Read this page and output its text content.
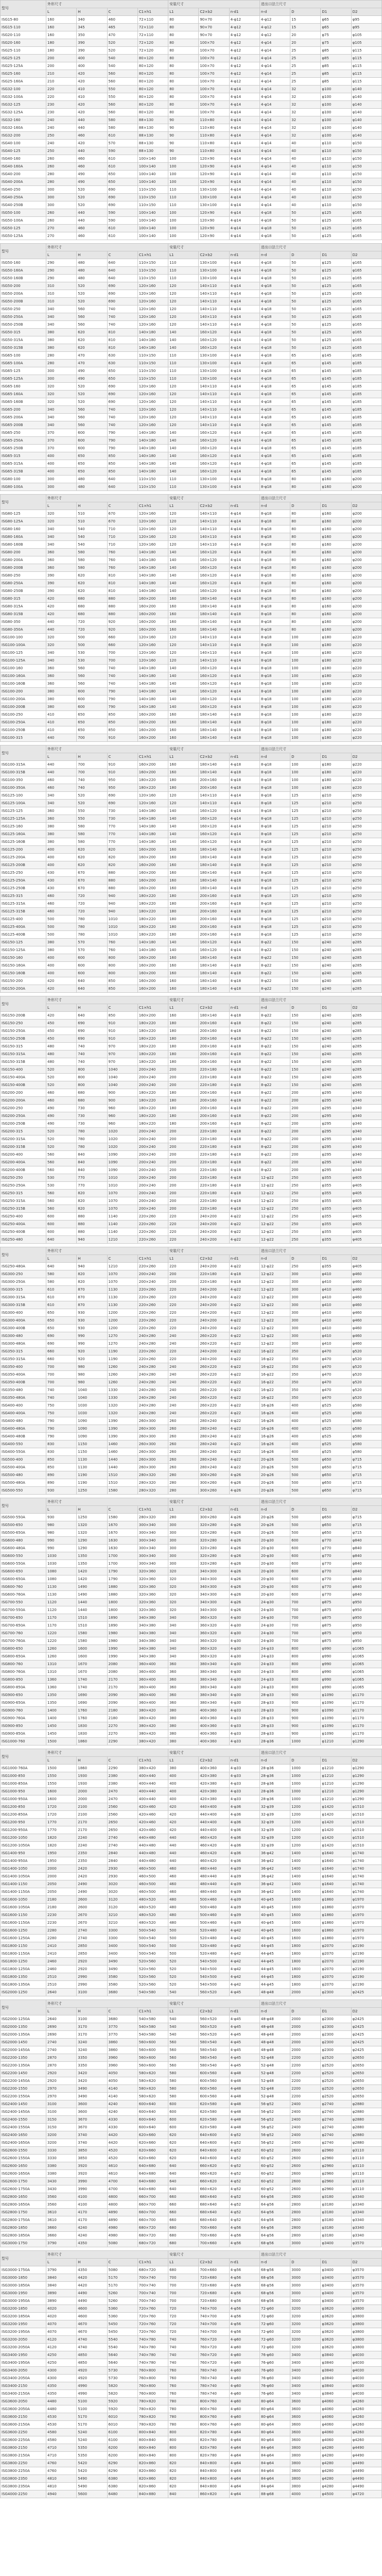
型号	外形尺寸				安装尺寸			进出口法兰尺寸			
	L	H	C	C1×h1	L1	C2×b2	n-d1	n-d	D	D1	D2
ISG15-80	160	340	460	72×110	80	90×70	4-φ12	4-φ12	15	φ65	φ95
ISG15-110	160	345	465	72×110	80	90×70	4-φ12	4-φ12	15	φ65	φ95
ISG20-110	160	350	470	72×110	80	90×70	4-φ12	4-φ12	20	φ75	φ105
ISG20-160	180	390	520	72×120	80	100×70	4-φ12	4-φ14	20	φ75	φ105
ISG25-110	180	390	520	72×120	80	100×70	4-φ12	4-φ14	25	φ85	φ115
ISG25-125	200	400	540	80×120	80	100×70	4-φ12	4-φ14	25	φ85	φ115
ISG25-125A	200	400	540	80×120	80	100×70	4-φ12	4-φ14	25	φ85	φ115
ISG25-160	210	420	560	80×120	80	100×70	4-φ12	4-φ14	25	φ85	φ115
ISG25-160A	210	420	560	80×120	80	100×70	4-φ12	4-φ14	25	φ85	φ115
ISG32-100	220	410	550	80×120	80	100×70	4-φ14	4-φ14	32	φ100	φ140
ISG32-100A	220	410	550	80×120	80	100×70	4-φ14	4-φ14	32	φ100	φ140
ISG32-125	230	420	560	80×120	80	100×70	4-φ14	4-φ14	32	φ100	φ140
ISG32-125A	230	420	560	80×120	80	100×70	4-φ14	4-φ14	32	φ100	φ140
ISG32-160	240	440	580	88×130	90	110×80	4-φ14	4-φ14	32	φ100	φ140
ISG32-160A	240	440	580	88×130	90	110×80	4-φ14	4-φ14	32	φ100	φ140
ISG32-200	250	460	610	88×130	90	110×80	4-φ14	4-φ14	32	φ100	φ140
ISG40-100	240	420	570	88×130	90	110×80	4-φ14	4-φ14	40	φ110	φ150
ISG40-125	250	440	590	88×130	90	110×80	4-φ14	4-φ14	40	φ110	φ150
ISG40-160	260	460	610	100×140	100	120×90	4-φ14	4-φ14	40	φ110	φ150
ISG40-160A	260	460	610	100×140	100	120×90	4-φ14	4-φ14	40	φ110	φ150
ISG40-200	280	490	650	100×140	100	120×90	4-φ14	4-φ14	40	φ110	φ150
ISG40-200A	280	490	650	100×140	100	120×90	4-φ14	4-φ14	40	φ110	φ150
ISG40-250	300	520	690	110×150	110	130×100	4-φ14	4-φ14	40	φ110	φ150
ISG40-250A	300	520	690	110×150	110	130×100	4-φ14	4-φ14	40	φ110	φ150
ISG40-250B	300	520	690	110×150	110	130×100	4-φ14	4-φ14	40	φ110	φ150
ISG50-100	260	440	590	100×140	100	120×90	4-φ14	4-φ18	50	φ125	φ165
ISG50-100A	260	440	590	100×140	100	120×90	4-φ14	4-φ18	50	φ125	φ165
ISG50-125	270	460	610	100×140	100	120×90	4-φ14	4-φ18	50	φ125	φ165
ISG50-125A	270	460	610	100×140	100	120×90	4-φ14	4-φ18	50	φ125	φ165
型号	外形尺寸				安装尺寸			进出口法兰尺寸			
	L	H	C	C1×h1	L1	C2×b2	n-d1	n-d	D	D1	D2
ISG50-160	290	480	640	110×150	110	130×100	4-φ14	4-φ18	50	φ125	φ165
ISG50-160A	290	480	640	110×150	110	130×100	4-φ14	4-φ18	50	φ125	φ165
ISG50-160B	290	480	640	110×150	110	130×100	4-φ14	4-φ18	50	φ125	φ165
ISG50-200	310	520	690	120×160	120	140×110	4-φ14	4-φ18	50	φ125	φ165
ISG50-200A	310	520	690	120×160	120	140×110	4-φ14	4-φ18	50	φ125	φ165
ISG50-200B	310	520	690	120×160	120	140×110	4-φ14	4-φ18	50	φ125	φ165
ISG50-250	340	560	740	120×160	120	140×110	4-φ14	4-φ18	50	φ125	φ165
ISG50-250A	340	560	740	120×160	120	140×110	4-φ14	4-φ18	50	φ125	φ165
ISG50-250B	340	560	740	120×160	120	140×110	4-φ14	4-φ18	50	φ125	φ165
ISG50-315	380	620	810	140×180	140	160×120	4-φ14	4-φ18	50	φ125	φ165
ISG50-315A	380	620	810	140×180	140	160×120	4-φ14	4-φ18	50	φ125	φ165
ISG50-315B	380	620	810	140×180	140	160×120	4-φ14	4-φ18	50	φ125	φ165
ISG65-100	280	470	630	110×150	110	130×100	4-φ14	4-φ18	65	φ145	φ185
ISG65-100A	280	470	630	110×150	110	130×100	4-φ14	4-φ18	65	φ145	φ185
ISG65-125	300	490	650	110×150	110	130×100	4-φ14	4-φ18	65	φ145	φ185
ISG65-125A	300	490	650	110×150	110	130×100	4-φ14	4-φ18	65	φ145	φ185
ISG65-160	320	520	690	120×160	120	140×110	4-φ14	4-φ18	65	φ145	φ185
ISG65-160A	320	520	690	120×160	120	140×110	4-φ14	4-φ18	65	φ145	φ185
ISG65-160B	320	520	690	120×160	120	140×110	4-φ14	4-φ18	65	φ145	φ185
ISG65-200	340	560	740	120×160	120	140×110	4-φ14	4-φ18	65	φ145	φ185
ISG65-200A	340	560	740	120×160	120	140×110	4-φ14	4-φ18	65	φ145	φ185
ISG65-200B	340	560	740	120×160	120	140×110	4-φ14	4-φ18	65	φ145	φ185
ISG65-250	370	600	790	140×180	140	160×120	4-φ14	4-φ18	65	φ145	φ185
ISG65-250A	370	600	790	140×180	140	160×120	4-φ14	4-φ18	65	φ145	φ185
ISG65-250B	370	600	790	140×180	140	160×120	4-φ14	4-φ18	65	φ145	φ185
ISG65-315	400	650	850	140×180	140	160×120	4-φ14	4-φ18	65	φ145	φ185
ISG65-315A	400	650	850	140×180	140	160×120	4-φ14	4-φ18	65	φ145	φ185
ISG65-315B	400	650	850	140×180	140	160×120	4-φ14	4-φ18	65	φ145	φ185
ISG80-100	300	480	640	110×150	110	130×100	4-φ14	8-φ18	80	φ160	φ200
ISG80-100A	300	480	640	110×150	110	130×100	4-φ14	8-φ18	80	φ160	φ200
型号	外形尺寸				安装尺寸			进出口法兰尺寸			
	L	H	C	C1×h1	L1	C2×b2	n-d1	n-d	D	D1	D2
ISG80-125	320	510	670	120×160	120	140×110	4-φ14	8-φ18	80	φ160	φ200
ISG80-125A	320	510	670	120×160	120	140×110	4-φ14	8-φ18	80	φ160	φ200
ISG80-160	340	540	710	120×160	120	140×110	4-φ14	8-φ18	80	φ160	φ200
ISG80-160A	340	540	710	120×160	120	140×110	4-φ14	8-φ18	80	φ160	φ200
ISG80-160B	340	540	710	120×160	120	140×110	4-φ14	8-φ18	80	φ160	φ200
ISG80-200	360	580	760	140×180	140	160×120	4-φ14	8-φ18	80	φ160	φ200
ISG80-200A	360	580	760	140×180	140	160×120	4-φ14	8-φ18	80	φ160	φ200
ISG80-200B	360	580	760	140×180	140	160×120	4-φ14	8-φ18	80	φ160	φ200
ISG80-250	390	620	810	140×180	140	160×120	4-φ14	8-φ18	80	φ160	φ200
ISG80-250A	390	620	810	140×180	140	160×120	4-φ14	8-φ18	80	φ160	φ200
ISG80-250B	390	620	810	140×180	140	160×120	4-φ14	8-φ18	80	φ160	φ200
ISG80-315	420	680	880	160×200	160	180×140	4-φ18	8-φ18	80	φ160	φ200
ISG80-315A	420	680	880	160×200	160	180×140	4-φ18	8-φ18	80	φ160	φ200
ISG80-315B	420	680	880	160×200	160	180×140	4-φ18	8-φ18	80	φ160	φ200
ISG80-350	440	720	920	160×200	160	180×140	4-φ18	8-φ18	80	φ160	φ200
ISG80-350A	440	720	920	160×200	160	180×140	4-φ18	8-φ18	80	φ160	φ200
ISG100-100	320	500	660	120×160	120	140×110	4-φ14	8-φ18	100	φ180	φ220
ISG100-100A	320	500	660	120×160	120	140×110	4-φ14	8-φ18	100	φ180	φ220
ISG100-125	340	530	700	120×160	120	140×110	4-φ14	8-φ18	100	φ180	φ220
ISG100-125A	340	530	700	120×160	120	140×110	4-φ14	8-φ18	100	φ180	φ220
ISG100-160	360	560	740	140×180	140	160×120	4-φ14	8-φ18	100	φ180	φ220
ISG100-160A	360	560	740	140×180	140	160×120	4-φ14	8-φ18	100	φ180	φ220
ISG100-160B	360	560	740	140×180	140	160×120	4-φ14	8-φ18	100	φ180	φ220
ISG100-200	380	600	790	140×180	140	160×120	4-φ14	8-φ18	100	φ180	φ220
ISG100-200A	380	600	790	140×180	140	160×120	4-φ14	8-φ18	100	φ180	φ220
ISG100-200B	380	600	790	140×180	140	160×120	4-φ14	8-φ18	100	φ180	φ220
ISG100-250	410	650	850	160×200	160	180×140	4-φ18	8-φ18	100	φ180	φ220
ISG100-250A	410	650	850	160×200	160	180×140	4-φ18	8-φ18	100	φ180	φ220
ISG100-250B	410	650	850	160×200	160	180×140	4-φ18	8-φ18	100	φ180	φ220
ISG100-315	440	700	910	160×200	160	180×140	4-φ18	8-φ18	100	φ180	φ220
型号	外形尺寸				安装尺寸			进出口法兰尺寸			
	L	H	C	C1×h1	L1	C2×b2	n-d1	n-d	D	D1	D2
ISG100-315A	440	700	910	160×200	160	180×140	4-φ18	8-φ18	100	φ180	φ220
ISG100-315B	440	700	910	160×200	160	180×140	4-φ18	8-φ18	100	φ180	φ220
ISG100-350	460	740	950	180×220	180	200×160	4-φ18	8-φ18	100	φ180	φ220
ISG100-350A	460	740	950	180×220	180	200×160	4-φ18	8-φ18	100	φ180	φ220
ISG125-100	340	520	690	120×160	120	140×110	4-φ14	8-φ18	125	φ210	φ250
ISG125-100A	340	520	690	120×160	120	140×110	4-φ14	8-φ18	125	φ210	φ250
ISG125-125	360	550	730	140×180	140	160×120	4-φ14	8-φ18	125	φ210	φ250
ISG125-125A	360	550	730	140×180	140	160×120	4-φ14	8-φ18	125	φ210	φ250
ISG125-160	380	580	770	140×180	140	160×120	4-φ14	8-φ18	125	φ210	φ250
ISG125-160A	380	580	770	140×180	140	160×120	4-φ14	8-φ18	125	φ210	φ250
ISG125-160B	380	580	770	140×180	140	160×120	4-φ14	8-φ18	125	φ210	φ250
ISG125-200	400	620	820	160×200	160	180×140	4-φ18	8-φ18	125	φ210	φ250
ISG125-200A	400	620	820	160×200	160	180×140	4-φ18	8-φ18	125	φ210	φ250
ISG125-200B	400	620	820	160×200	160	180×140	4-φ18	8-φ18	125	φ210	φ250
ISG125-250	430	670	880	160×200	160	180×140	4-φ18	8-φ18	125	φ210	φ250
ISG125-250A	430	670	880	160×200	160	180×140	4-φ18	8-φ18	125	φ210	φ250
ISG125-250B	430	670	880	160×200	160	180×140	4-φ18	8-φ18	125	φ210	φ250
ISG125-315	460	720	940	180×220	180	200×160	4-φ18	8-φ18	125	φ210	φ250
ISG125-315A	460	720	940	180×220	180	200×160	4-φ18	8-φ18	125	φ210	φ250
ISG125-315B	460	720	940	180×220	180	200×160	4-φ18	8-φ18	125	φ210	φ250
ISG125-400	500	780	1010	180×220	180	200×160	4-φ18	8-φ18	125	φ210	φ250
ISG125-400A	500	780	1010	180×220	180	200×160	4-φ18	8-φ18	125	φ210	φ250
ISG125-400B	500	780	1010	180×220	180	200×160	4-φ18	8-φ18	125	φ210	φ250
ISG150-125	380	570	760	140×180	140	160×120	4-φ14	8-φ22	150	φ240	φ285
ISG150-125A	380	570	760	140×180	140	160×120	4-φ14	8-φ22	150	φ240	φ285
ISG150-160	400	600	800	160×200	160	180×140	4-φ18	8-φ22	150	φ240	φ285
ISG150-160A	400	600	800	160×200	160	180×140	4-φ18	8-φ22	150	φ240	φ285
ISG150-160B	400	600	800	160×200	160	180×140	4-φ18	8-φ22	150	φ240	φ285
ISG150-200	420	640	850	160×200	160	180×140	4-φ18	8-φ22	150	φ240	φ285
ISG150-200A	420	640	850	160×200	160	180×140	4-φ18	8-φ22	150	φ240	φ285
型号	外形尺寸				安装尺寸			进出口法兰尺寸			
	L	H	C	C1×h1	L1	C2×b2	n-d1	n-d	D	D1	D2
ISG150-200B	420	640	850	160×200	160	180×140	4-φ18	8-φ22	150	φ240	φ285
ISG150-250	450	690	910	180×220	180	200×160	4-φ18	8-φ22	150	φ240	φ285
ISG150-250A	450	690	910	180×220	180	200×160	4-φ18	8-φ22	150	φ240	φ285
ISG150-250B	450	690	910	180×220	180	200×160	4-φ18	8-φ22	150	φ240	φ285
ISG150-315	480	740	970	180×220	180	200×160	4-φ18	8-φ22	150	φ240	φ285
ISG150-315A	480	740	970	180×220	180	200×160	4-φ18	8-φ22	150	φ240	φ285
ISG150-315B	480	740	970	180×220	180	200×160	4-φ18	8-φ22	150	φ240	φ285
ISG150-400	520	800	1040	200×240	200	220×180	4-φ18	8-φ22	150	φ240	φ285
ISG150-400A	520	800	1040	200×240	200	220×180	4-φ18	8-φ22	150	φ240	φ285
ISG150-400B	520	800	1040	200×240	200	220×180	4-φ18	8-φ22	150	φ240	φ285
ISG200-200	460	680	900	180×220	180	200×160	4-φ18	8-φ22	200	φ295	φ340
ISG200-200A	460	680	900	180×220	180	200×160	4-φ18	8-φ22	200	φ295	φ340
ISG200-250	490	730	960	180×220	180	200×160	4-φ18	8-φ22	200	φ295	φ340
ISG200-250A	490	730	960	180×220	180	200×160	4-φ18	8-φ22	200	φ295	φ340
ISG200-250B	490	730	960	180×220	180	200×160	4-φ18	8-φ22	200	φ295	φ340
ISG200-315	520	780	1020	200×240	200	220×180	4-φ18	8-φ22	200	φ295	φ340
ISG200-315A	520	780	1020	200×240	200	220×180	4-φ18	8-φ22	200	φ295	φ340
ISG200-315B	520	780	1020	200×240	200	220×180	4-φ18	8-φ22	200	φ295	φ340
ISG200-400	560	840	1090	200×240	200	220×180	4-φ18	8-φ22	200	φ295	φ340
ISG200-400A	560	840	1090	200×240	200	220×180	4-φ18	8-φ22	200	φ295	φ340
ISG200-400B	560	840	1090	200×240	200	220×180	4-φ18	8-φ22	200	φ295	φ340
ISG250-250	530	770	1010	200×240	200	220×180	4-φ18	12-φ22	250	φ355	φ405
ISG250-250A	530	770	1010	200×240	200	220×180	4-φ18	12-φ22	250	φ355	φ405
ISG250-315	560	820	1070	200×240	200	220×180	4-φ18	12-φ22	250	φ355	φ405
ISG250-315A	560	820	1070	200×240	200	220×180	4-φ18	12-φ22	250	φ355	φ405
ISG250-315B	560	820	1070	200×240	200	220×180	4-φ18	12-φ22	250	φ355	φ405
ISG250-400	600	880	1140	220×260	220	240×200	4-φ22	12-φ22	250	φ355	φ405
ISG250-400A	600	880	1140	220×260	220	240×200	4-φ22	12-φ22	250	φ355	φ405
ISG250-400B	600	880	1140	220×260	220	240×200	4-φ22	12-φ22	250	φ355	φ405
ISG250-480	640	940	1210	220×260	220	240×200	4-φ22	12-φ22	250	φ355	φ405
型号	外形尺寸				安装尺寸			进出口法兰尺寸			
	L	H	C	C1×h1	L1	C2×b2	n-d1	n-d	D	D1	D2
ISG250-480A	640	940	1210	220×260	220	240×200	4-φ22	12-φ22	250	φ355	φ405
ISG300-250	580	820	1070	200×240	200	220×180	4-φ18	12-φ22	300	φ410	φ460
ISG300-250A	580	820	1070	200×240	200	220×180	4-φ18	12-φ22	300	φ410	φ460
ISG300-315	610	870	1130	220×260	220	240×200	4-φ22	12-φ22	300	φ410	φ460
ISG300-315A	610	870	1130	220×260	220	240×200	4-φ22	12-φ22	300	φ410	φ460
ISG300-315B	610	870	1130	220×260	220	240×200	4-φ22	12-φ22	300	φ410	φ460
ISG300-400	650	930	1200	220×260	220	240×200	4-φ22	12-φ22	300	φ410	φ460
ISG300-400A	650	930	1200	220×260	220	240×200	4-φ22	12-φ22	300	φ410	φ460
ISG300-400B	650	930	1200	220×260	220	240×200	4-φ22	12-φ22	300	φ410	φ460
ISG300-480	690	990	1270	240×280	240	260×220	4-φ22	12-φ22	300	φ410	φ460
ISG300-480A	690	990	1270	240×280	240	260×220	4-φ22	12-φ22	300	φ410	φ460
ISG350-315	660	920	1190	220×260	220	240×200	4-φ22	16-φ22	350	φ470	φ520
ISG350-315A	660	920	1190	220×260	220	240×200	4-φ22	16-φ22	350	φ470	φ520
ISG350-400	700	980	1260	240×280	240	260×220	4-φ22	16-φ22	350	φ470	φ520
ISG350-400A	700	980	1260	240×280	240	260×220	4-φ22	16-φ22	350	φ470	φ520
ISG350-400B	700	980	1260	240×280	240	260×220	4-φ22	16-φ22	350	φ470	φ520
ISG350-480	740	1040	1330	240×280	240	260×220	4-φ22	16-φ22	350	φ470	φ520
ISG350-480A	740	1040	1330	240×280	240	260×220	4-φ22	16-φ22	350	φ470	φ520
ISG400-400	750	1030	1320	240×280	240	260×220	4-φ22	16-φ26	400	φ525	φ580
ISG400-400A	750	1030	1320	240×280	240	260×220	4-φ22	16-φ26	400	φ525	φ580
ISG400-480	790	1090	1390	260×300	260	280×240	4-φ22	16-φ26	400	φ525	φ580
ISG400-480A	790	1090	1390	260×300	260	280×240	4-φ22	16-φ26	400	φ525	φ580
ISG400-480B	790	1090	1390	260×300	260	280×240	4-φ22	16-φ26	400	φ525	φ580
ISG400-550	830	1150	1460	260×300	260	280×240	4-φ22	16-φ26	400	φ525	φ580
ISG400-550A	830	1150	1460	260×300	260	280×240	4-φ22	16-φ26	400	φ525	φ580
ISG500-400	850	1130	1440	260×300	260	280×240	4-φ22	20-φ26	500	φ650	φ715
ISG500-400A	850	1130	1440	260×300	260	280×240	4-φ22	20-φ26	500	φ650	φ715
ISG500-480	890	1190	1510	280×320	280	300×260	4-φ26	20-φ26	500	φ650	φ715
ISG500-480A	890	1190	1510	280×320	280	300×260	4-φ26	20-φ26	500	φ650	φ715
ISG500-550	930	1250	1580	280×320	280	300×260	4-φ26	20-φ26	500	φ650	φ715
型号	外形尺寸				安装尺寸			进出口法兰尺寸			
	L	H	C	C1×h1	L1	C2×b2	n-d1	n-d	D	D1	D2
ISG500-550A	930	1250	1580	280×320	280	300×260	4-φ26	20-φ26	500	φ650	φ715
ISG500-650	980	1320	1670	300×340	300	320×280	4-φ26	20-φ26	500	φ650	φ715
ISG500-650A	980	1320	1670	300×340	300	320×280	4-φ26	20-φ26	500	φ650	φ715
ISG600-480	990	1290	1630	300×340	300	320×280	4-φ26	20-φ30	600	φ770	φ840
ISG600-480A	990	1290	1630	300×340	300	320×280	4-φ26	20-φ30	600	φ770	φ840
ISG600-550	1030	1350	1700	300×340	300	320×280	4-φ26	20-φ30	600	φ770	φ840
ISG600-550A	1030	1350	1700	300×340	300	320×280	4-φ26	20-φ30	600	φ770	φ840
ISG600-650	1080	1420	1790	320×360	320	340×300	4-φ26	20-φ30	600	φ770	φ840
ISG600-650A	1080	1420	1790	320×360	320	340×300	4-φ26	20-φ30	600	φ770	φ840
ISG600-760	1130	1490	1880	320×360	320	340×300	4-φ26	20-φ30	600	φ770	φ840
ISG600-760A	1130	1490	1880	320×360	320	340×300	4-φ26	20-φ30	600	φ770	φ840
ISG700-550	1120	1440	1800	320×360	320	340×300	4-φ26	24-φ30	700	φ875	φ950
ISG700-550A	1120	1440	1800	320×360	320	340×300	4-φ26	24-φ30	700	φ875	φ950
ISG700-650	1170	1510	1890	340×380	340	360×320	4-φ30	24-φ30	700	φ875	φ950
ISG700-650A	1170	1510	1890	340×380	340	360×320	4-φ30	24-φ30	700	φ875	φ950
ISG700-760	1220	1580	1980	340×380	340	360×320	4-φ30	24-φ30	700	φ875	φ950
ISG700-760A	1220	1580	1980	340×380	340	360×320	4-φ30	24-φ30	700	φ875	φ950
ISG800-650	1260	1600	1990	340×380	340	360×320	4-φ30	24-φ33	800	φ990	φ1065
ISG800-650A	1260	1600	1990	340×380	340	360×320	4-φ30	24-φ33	800	φ990	φ1065
ISG800-760	1310	1670	2080	360×400	360	380×340	4-φ30	24-φ33	800	φ990	φ1065
ISG800-760A	1310	1670	2080	360×400	360	380×340	4-φ30	24-φ33	800	φ990	φ1065
ISG800-850	1360	1740	2170	360×400	360	380×340	4-φ30	24-φ33	800	φ990	φ1065
ISG800-850A	1360	1740	2170	360×400	360	380×340	4-φ30	24-φ33	800	φ990	φ1065
ISG900-650	1350	1690	2090	360×400	360	380×340	4-φ30	28-φ33	900	φ1090	φ1170
ISG900-650A	1350	1690	2090	360×400	360	380×340	4-φ30	28-φ33	900	φ1090	φ1170
ISG900-760	1400	1760	2180	380×420	380	400×360	4-φ33	28-φ33	900	φ1090	φ1170
ISG900-760A	1400	1760	2180	380×420	380	400×360	4-φ33	28-φ33	900	φ1090	φ1170
ISG900-850	1450	1830	2270	380×420	380	400×360	4-φ33	28-φ33	900	φ1090	φ1170
ISG900-850A	1450	1830	2270	380×420	380	400×360	4-φ33	28-φ33	900	φ1090	φ1170
ISG1000-760	1500	1860	2290	380×420	380	400×360	4-φ33	28-φ36	1000	φ1210	φ1290
型号	外形尺寸				安装尺寸			进出口法兰尺寸			
	L	H	C	C1×h1	L1	C2×b2	n-d1	n-d	D	D1	D2
ISG1000-760A	1500	1860	2290	380×420	380	400×360	4-φ33	28-φ36	1000	φ1210	φ1290
ISG1000-850	1550	1930	2380	400×440	400	420×380	4-φ33	28-φ36	1000	φ1210	φ1290
ISG1000-850A	1550	1930	2380	400×440	400	420×380	4-φ33	28-φ36	1000	φ1210	φ1290
ISG1000-950	1600	2000	2470	400×440	400	420×380	4-φ33	28-φ36	1000	φ1210	φ1290
ISG1000-950A	1600	2000	2470	400×440	400	420×380	4-φ33	28-φ36	1000	φ1210	φ1290
ISG1200-850	1720	2100	2560	420×460	420	440×400	4-φ36	32-φ39	1200	φ1420	φ1510
ISG1200-850A	1720	2100	2560	420×460	420	440×400	4-φ36	32-φ39	1200	φ1420	φ1510
ISG1200-950	1770	2170	2650	420×460	420	440×400	4-φ36	32-φ39	1200	φ1420	φ1510
ISG1200-950A	1770	2170	2650	420×460	420	440×400	4-φ36	32-φ39	1200	φ1420	φ1510
ISG1200-1050	1820	2240	2740	440×480	440	460×420	4-φ36	32-φ39	1200	φ1420	φ1510
ISG1200-1050A	1820	2240	2740	440×480	440	460×420	4-φ36	32-φ39	1200	φ1420	φ1510
ISG1400-950	1950	2350	2840	440×480	440	460×420	4-φ36	36-φ42	1400	φ1640	φ1740
ISG1400-950A	1950	2350	2840	440×480	440	460×420	4-φ36	36-φ42	1400	φ1640	φ1740
ISG1400-1050	2000	2420	2930	460×500	460	480×440	4-φ39	36-φ42	1400	φ1640	φ1740
ISG1400-1050A	2000	2420	2930	460×500	460	480×440	4-φ39	36-φ42	1400	φ1640	φ1740
ISG1400-1150	2050	2490	3020	460×500	460	480×440	4-φ39	36-φ42	1400	φ1640	φ1740
ISG1400-1150A	2050	2490	3020	460×500	460	480×440	4-φ39	36-φ42	1400	φ1640	φ1740
ISG1600-1050	2180	2600	3120	480×520	480	500×460	4-φ39	40-φ45	1600	φ1860	φ1970
ISG1600-1050A	2180	2600	3120	480×520	480	500×460	4-φ39	40-φ45	1600	φ1860	φ1970
ISG1600-1150	2230	2670	3210	480×520	480	500×460	4-φ39	40-φ45	1600	φ1860	φ1970
ISG1600-1150A	2230	2670	3210	480×520	480	500×460	4-φ39	40-φ45	1600	φ1860	φ1970
ISG1600-1250	2280	2740	3300	500×540	500	520×480	4-φ42	40-φ45	1600	φ1860	φ1970
ISG1600-1250A	2280	2740	3300	500×540	500	520×480	4-φ42	40-φ45	1600	φ1860	φ1970
ISG1800-1150	2410	2850	3400	500×540	500	520×480	4-φ42	44-φ45	1800	φ2070	φ2190
ISG1800-1150A	2410	2850	3400	500×540	500	520×480	4-φ42	44-φ45	1800	φ2070	φ2190
ISG1800-1250	2460	2920	3490	520×560	520	540×500	4-φ42	44-φ45	1800	φ2070	φ2190
ISG1800-1250A	2460	2920	3490	520×560	520	540×500	4-φ42	44-φ45	1800	φ2070	φ2190
ISG1800-1350	2510	2990	3580	520×560	520	540×500	4-φ42	44-φ45	1800	φ2070	φ2190
ISG1800-1350A	2510	2990	3580	520×560	520	540×500	4-φ42	44-φ45	1800	φ2070	φ2190
ISG2000-1250	2640	3100	3680	540×580	540	560×520	4-φ45	48-φ48	2000	φ2300	φ2425
型号	外形尺寸				安装尺寸			进出口法兰尺寸			
	L	H	C	C1×h1	L1	C2×b2	n-d1	n-d	D	D1	D2
ISG2000-1250A	2640	3100	3680	540×580	540	560×520	4-φ45	48-φ48	2000	φ2300	φ2425
ISG2000-1350	2690	3170	3770	540×580	540	560×520	4-φ45	48-φ48	2000	φ2300	φ2425
ISG2000-1350A	2690	3170	3770	540×580	540	560×520	4-φ45	48-φ48	2000	φ2300	φ2425
ISG2000-1450	2740	3240	3860	560×600	560	580×540	4-φ45	48-φ48	2000	φ2300	φ2425
ISG2000-1450A	2740	3240	3860	560×600	560	580×540	4-φ45	48-φ48	2000	φ2300	φ2425
ISG2200-1350	2870	3350	3960	560×600	560	580×540	4-φ45	52-φ48	2200	φ2520	φ2650
ISG2200-1350A	2870	3350	3960	560×600	560	580×540	4-φ45	52-φ48	2200	φ2520	φ2650
ISG2200-1450	2920	3420	4050	580×620	580	600×560	4-φ48	52-φ48	2200	φ2520	φ2650
ISG2200-1450A	2920	3420	4050	580×620	580	600×560	4-φ48	52-φ48	2200	φ2520	φ2650
ISG2200-1550	2970	3490	4140	580×620	580	600×560	4-φ48	52-φ48	2200	φ2520	φ2650
ISG2200-1550A	2970	3490	4140	580×620	580	600×560	4-φ48	52-φ48	2200	φ2520	φ2650
ISG2400-1450	3100	3600	4240	600×640	600	620×580	4-φ48	56-φ52	2400	φ2740	φ2880
ISG2400-1450A	3100	3600	4240	600×640	600	620×580	4-φ48	56-φ52	2400	φ2740	φ2880
ISG2400-1550	3150	3670	4330	600×640	600	620×580	4-φ48	56-φ52	2400	φ2740	φ2880
ISG2400-1550A	3150	3670	4330	600×640	600	620×580	4-φ48	56-φ52	2400	φ2740	φ2880
ISG2400-1650	3200	3740	4420	620×660	620	640×600	4-φ52	56-φ52	2400	φ2740	φ2880
ISG2400-1650A	3200	3740	4420	620×660	620	640×600	4-φ52	56-φ52	2400	φ2740	φ2880
ISG2600-1550	3330	3850	4520	620×660	620	640×600	4-φ52	60-φ52	2600	φ2960	φ3110
ISG2600-1550A	3330	3850	4520	620×660	620	640×600	4-φ52	60-φ52	2600	φ2960	φ3110
ISG2600-1650	3380	3920	4610	640×680	640	660×620	4-φ52	60-φ52	2600	φ2960	φ3110
ISG2600-1650A	3380	3920	4610	640×680	640	660×620	4-φ52	60-φ52	2600	φ2960	φ3110
ISG2600-1750	3430	3990	4700	640×680	640	660×620	4-φ52	60-φ52	2600	φ2960	φ3110
ISG2600-1750A	3430	3990	4700	640×680	640	660×620	4-φ52	60-φ52	2600	φ2960	φ3110
ISG2800-1650	3560	4100	4800	660×700	660	680×640	4-φ52	64-φ56	2800	φ3180	φ3340
ISG2800-1650A	3560	4100	4800	660×700	660	680×640	4-φ52	64-φ56	2800	φ3180	φ3340
ISG2800-1750	3610	4170	4890	660×700	660	680×640	4-φ52	64-φ56	2800	φ3180	φ3340
ISG2800-1750A	3610	4170	4890	660×700	660	680×640	4-φ52	64-φ56	2800	φ3180	φ3340
ISG2800-1850	3660	4240	4980	680×720	680	700×660	4-φ56	64-φ56	2800	φ3180	φ3340
ISG2800-1850A	3660	4240	4980	680×720	680	700×660	4-φ56	64-φ56	2800	φ3180	φ3340
ISG3000-1750	3790	4350	5080	680×720	680	700×660	4-φ56	68-φ56	3000	φ3400	φ3570
型号	外形尺寸				安装尺寸			进出口法兰尺寸			
	L	H	C	C1×h1	L1	C2×b2	n-d1	n-d	D	D1	D2
ISG3000-1750A	3790	4350	5080	680×720	680	700×660	4-φ56	68-φ56	3000	φ3400	φ3570
ISG3000-1850	3840	4420	5170	700×740	700	720×680	4-φ56	68-φ56	3000	φ3400	φ3570
ISG3000-1850A	3840	4420	5170	700×740	700	720×680	4-φ56	68-φ56	3000	φ3400	φ3570
ISG3000-1950	3890	4490	5260	700×740	700	720×680	4-φ56	68-φ56	3000	φ3400	φ3570
ISG3000-1950A	3890	4490	5260	700×740	700	720×680	4-φ56	68-φ56	3000	φ3400	φ3570
ISG3200-1850	4020	4600	5360	720×760	720	740×700	4-φ56	72-φ60	3200	φ3620	φ3800
ISG3200-1850A	4020	4600	5360	720×760	720	740×700	4-φ56	72-φ60	3200	φ3620	φ3800
ISG3200-1950	4070	4670	5450	720×760	720	740×700	4-φ56	72-φ60	3200	φ3620	φ3800
ISG3200-1950A	4070	4670	5450	720×760	720	740×700	4-φ56	72-φ60	3200	φ3620	φ3800
ISG3200-2050	4120	4740	5540	740×780	740	760×720	4-φ60	72-φ60	3200	φ3620	φ3800
ISG3200-2050A	4120	4740	5540	740×780	740	760×720	4-φ60	72-φ60	3200	φ3620	φ3800
ISG3400-1950	4250	4850	5640	740×780	740	760×720	4-φ60	76-φ60	3400	φ3840	φ4030
ISG3400-1950A	4250	4850	5640	740×780	740	760×720	4-φ60	76-φ60	3400	φ3840	φ4030
ISG3400-2050	4300	4920	5730	760×800	760	780×740	4-φ60	76-φ60	3400	φ3840	φ4030
ISG3400-2050A	4300	4920	5730	760×800	760	780×740	4-φ60	76-φ60	3400	φ3840	φ4030
ISG3400-2150	4350	4990	5820	760×800	760	780×740	4-φ60	76-φ60	3400	φ3840	φ4030
ISG3400-2150A	4350	4990	5820	760×800	760	780×740	4-φ60	76-φ60	3400	φ3840	φ4030
ISG3600-2050	4480	5100	5920	780×820	780	800×760	4-φ60	80-φ64	3600	φ4060	φ4260
ISG3600-2050A	4480	5100	5920	780×820	780	800×760	4-φ60	80-φ64	3600	φ4060	φ4260
ISG3600-2150	4530	5170	6010	780×820	780	800×760	4-φ60	80-φ64	3600	φ4060	φ4260
ISG3600-2150A	4530	5170	6010	780×820	780	800×760	4-φ60	80-φ64	3600	φ4060	φ4260
ISG3600-2250	4580	5240	6100	800×840	800	820×780	4-φ64	80-φ64	3600	φ4060	φ4260
ISG3600-2250A	4580	5240	6100	800×840	800	820×780	4-φ64	80-φ64	3600	φ4060	φ4260
ISG3800-2150	4710	5350	6200	800×840	800	820×780	4-φ64	84-φ64	3800	φ4280	φ4490
ISG3800-2150A	4710	5350	6200	800×840	800	820×780	4-φ64	84-φ64	3800	φ4280	φ4490
ISG3800-2250	4760	5420	6290	820×860	820	840×800	4-φ64	84-φ64	3800	φ4280	φ4490
ISG3800-2250A	4760	5420	6290	820×860	820	840×800	4-φ64	84-φ64	3800	φ4280	φ4490
ISG3800-2350	4810	5490	6380	820×860	820	840×800	4-φ64	84-φ64	3800	φ4280	φ4490
ISG3800-2350A	4810	5490	6380	820×860	820	840×800	4-φ64	84-φ64	3800	φ4280	φ4490
ISG4000-2250	4940	5600	6480	840×880	840	860×820	4-φ64	88-φ68	4000	φ4500	φ4720
